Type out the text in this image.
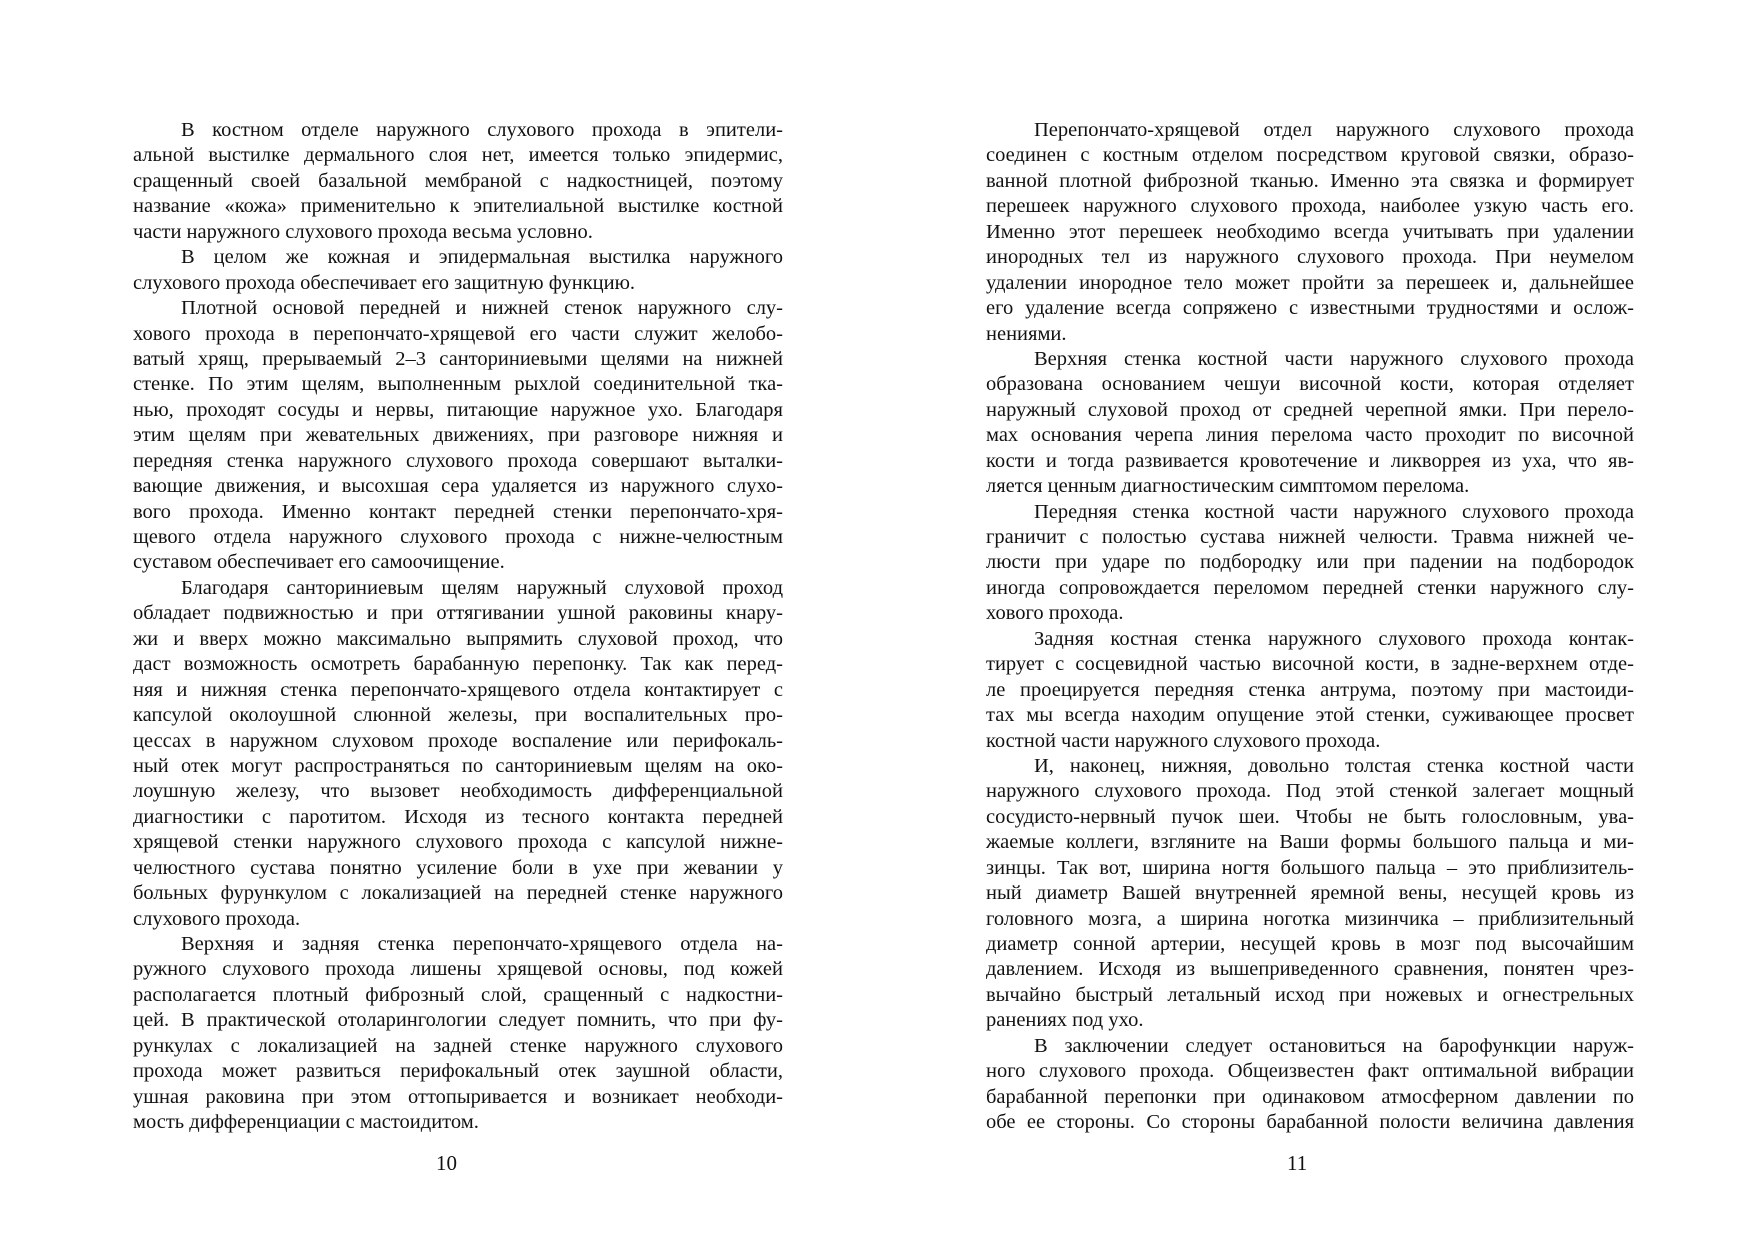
В костном отделе наружного слухового прохода в эпители-
альной выстилке дермального слоя нет, имеется только эпидермис,
сращенный своей базальной мембраной с надкостницей, поэтому
название «кожа» применительно к эпителиальной выстилке костной
части наружного слухового прохода весьма условно.
В целом же кожная и эпидермальная выстилка наружного
слухового прохода обеспечивает его защитную функцию.
Плотной основой передней и нижней стенок наружного слу-
хового прохода в перепончато-хрящевой его части служит желобо-
ватый хрящ, прерываемый 2–3 санториниевыми щелями на нижней
стенке. По этим щелям, выполненным рыхлой соединительной тка-
нью, проходят сосуды и нервы, питающие наружное ухо. Благодаря
этим щелям при жевательных движениях, при разговоре нижняя и
передняя стенка наружного слухового прохода совершают выталки-
вающие движения, и высохшая сера удаляется из наружного слухо-
вого прохода. Именно контакт передней стенки перепончато-хря-
щевого отдела наружного слухового прохода с нижне-челюстным
суставом обеспечивает его самоочищение.
Благодаря санториниевым щелям наружный слуховой проход
обладает подвижностью и при оттягивании ушной раковины кнару-
жи и вверх можно максимально выпрямить слуховой проход, что
даст возможность осмотреть барабанную перепонку. Так как перед-
няя и нижняя стенка перепончато-хрящевого отдела контактирует с
капсулой околоушной слюнной железы, при воспалительных про-
цессах в наружном слуховом проходе воспаление или перифокаль-
ный отек могут распространяться по санториниевым щелям на око-
лоушную железу, что вызовет необходимость дифференциальной
диагностики с паротитом. Исходя из тесного контакта передней
хрящевой стенки наружного слухового прохода с капсулой нижне-
челюстного сустава понятно усиление боли в ухе при жевании у
больных фурункулом с локализацией на передней стенке наружного
слухового прохода.
Верхняя и задняя стенка перепончато-хрящевого отдела на-
ружного слухового прохода лишены хрящевой основы, под кожей
располагается плотный фиброзный слой, сращенный с надкостни-
цей. В практической отоларингологии следует помнить, что при фу-
рункулах с локализацией на задней стенке наружного слухового
прохода может развиться перифокальный отек заушной области,
ушная раковина при этом оттопыривается и возникает необходи-
мость дифференциации с мастоидитом.
10
Перепончато-хрящевой отдел наружного слухового прохода
соединен с костным отделом посредством круговой связки, образо-
ванной плотной фиброзной тканью. Именно эта связка и формирует
перешеек наружного слухового прохода, наиболее узкую часть его.
Именно этот перешеек необходимо всегда учитывать при удалении
инородных тел из наружного слухового прохода. При неумелом
удалении инородное тело может пройти за перешеек и, дальнейшее
его удаление всегда сопряжено с известными трудностями и ослож-
нениями.
Верхняя стенка костной части наружного слухового прохода
образована основанием чешуи височной кости, которая отделяет
наружный слуховой проход от средней черепной ямки. При перело-
мах основания черепа линия перелома часто проходит по височной
кости и тогда развивается кровотечение и ликворрея из уха, что яв-
ляется ценным диагностическим симптомом перелома.
Передняя стенка костной части наружного слухового прохода
граничит с полостью сустава нижней челюсти. Травма нижней че-
люсти при ударе по подбородку или при падении на подбородок
иногда сопровождается переломом передней стенки наружного слу-
хового прохода.
Задняя костная стенка наружного слухового прохода контак-
тирует с сосцевидной частью височной кости, в задне-верхнем отде-
ле проецируется передняя стенка антрума, поэтому при мастоиди-
тах мы всегда находим опущение этой стенки, суживающее просвет
костной части наружного слухового прохода.
И, наконец, нижняя, довольно толстая стенка костной части
наружного слухового прохода. Под этой стенкой залегает мощный
сосудисто-нервный пучок шеи. Чтобы не быть голословным, ува-
жаемые коллеги, взгляните на Ваши формы большого пальца и ми-
зинцы. Так вот, ширина ногтя большого пальца – это приблизитель-
ный диаметр Вашей внутренней яремной вены, несущей кровь из
головного мозга, а ширина ноготка мизинчика – приблизительный
диаметр сонной артерии, несущей кровь в мозг под высочайшим
давлением. Исходя из вышеприведенного сравнения, понятен чрез-
вычайно быстрый летальный исход при ножевых и огнестрельных
ранениях под ухо.
В заключении следует остановиться на барофункции наруж-
ного слухового прохода. Общеизвестен факт оптимальной вибрации
барабанной перепонки при одинаковом атмосферном давлении по
обе ее стороны. Со стороны барабанной полости величина давления
11
